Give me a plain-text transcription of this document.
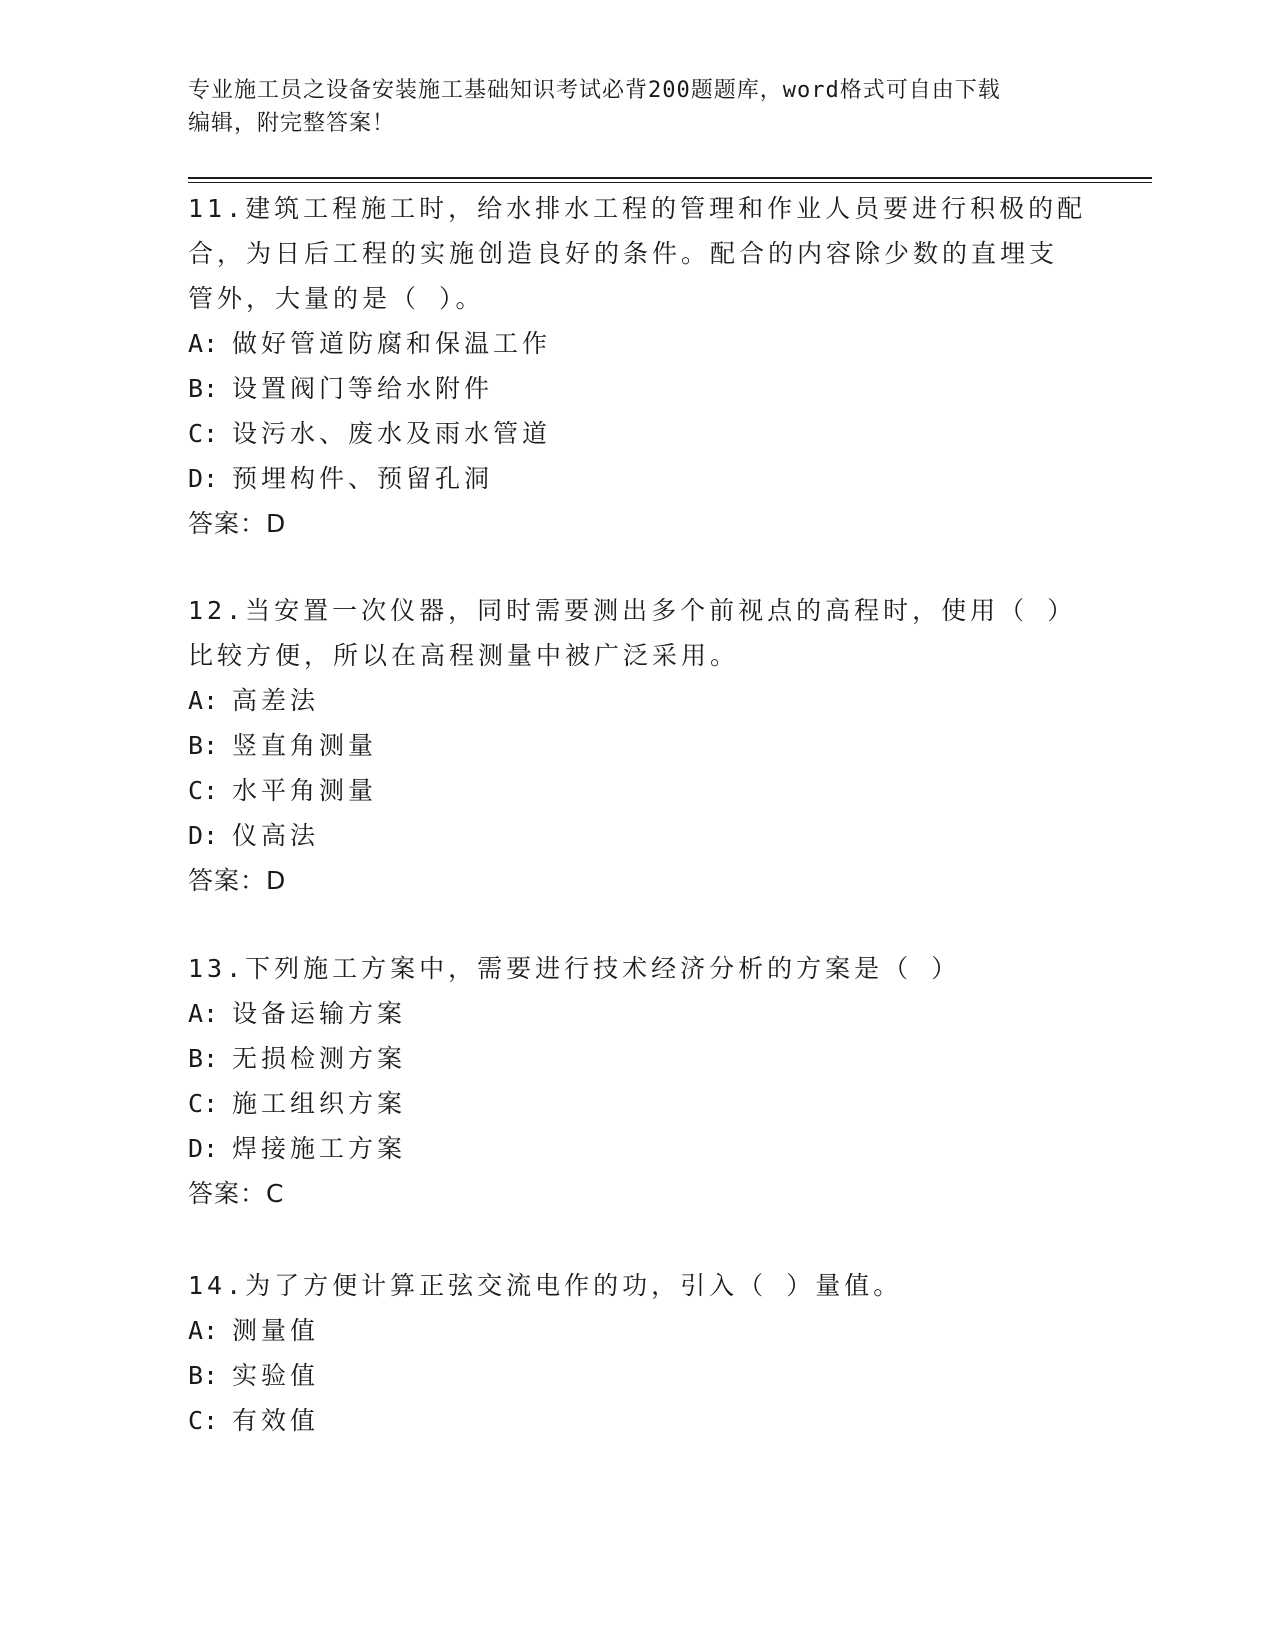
专业施工员之设备安装施工基础知识考试必背200题题库，word格式可自由下载
编辑，附完整答案！
11.建筑工程施工时，给水排水工程的管理和作业人员要进行积极的配
合，为日后工程的实施创造良好的条件。配合的内容除少数的直埋支
管外，大量的是（ ）。
A: 做好管道防腐和保温工作
B: 设置阀门等给水附件
C: 设污水、废水及雨水管道
D: 预埋构件、预留孔洞
答案：D
12.当安置一次仪器，同时需要测出多个前视点的高程时，使用（ ）
比较方便，所以在高程测量中被广泛采用。
A: 高差法
B: 竖直角测量
C: 水平角测量
D: 仪高法
答案：D
13.下列施工方案中，需要进行技术经济分析的方案是（ ）
A: 设备运输方案
B: 无损检测方案
C: 施工组织方案
D: 焊接施工方案
答案：C
14.为了方便计算正弦交流电作的功，引入（ ）量值。
A: 测量值
B: 实验值
C: 有效值
